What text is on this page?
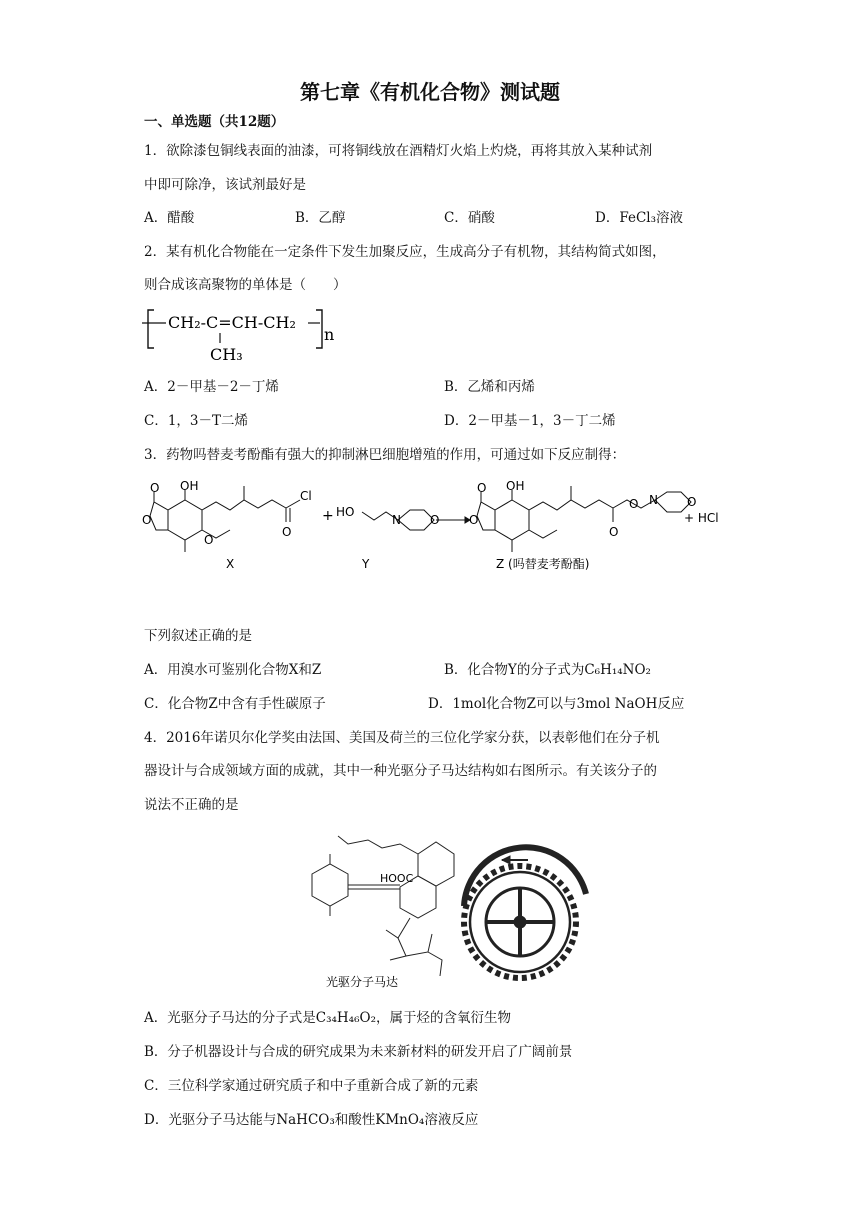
第七章《有机化合物》测试题
一、单选题（共12题）
1．欲除漆包铜线表面的油漆，可将铜线放在酒精灯火焰上灼烧，再将其放入某种试剂
中即可除净，该试剂最好是
A．醋酸	B．乙醇	C．硝酸	D．FeCl₃溶液
2．某有机化合物能在一定条件下发生加聚反应，生成高分子有机物，其结构简式如图，
则合成该高聚物的单体是（　　）
CH₂-C=CH-CH₂
CH₃
n
A．2－甲基－2－丁烯	B．乙烯和丙烯
C．1，3－T二烯	D．2－甲基－1，3－丁二烯
3．药物吗替麦考酚酯有强大的抑制淋巴细胞增殖的作用，可通过如下反应制得：
O OH
O
Cl
O
O
X
+ HO
N O
Y
O OH
O
O
O N O
+ HCl
Z (吗替麦考酚酯)
下列叙述正确的是
A．用溴水可鉴别化合物X和Z	B．化合物Y的分子式为C₆H₁₄NO₂
C．化合物Z中含有手性碳原子	D．1mol化合物Z可以与3mol NaOH反应
4．2016年诺贝尔化学奖由法国、美国及荷兰的三位化学家分获，以表彰他们在分子机
器设计与合成领域方面的成就，其中一种光驱分子马达结构如右图所示。有关该分子的
说法不正确的是
HOOC
光驱分子马达
A．光驱分子马达的分子式是C₃₄H₄₆O₂，属于烃的含氧衍生物
B．分子机器设计与合成的研究成果为未来新材料的研发开启了广阔前景
C．三位科学家通过研究质子和中子重新合成了新的元素
D．光驱分子马达能与NaHCO₃和酸性KMnO₄溶液反应
